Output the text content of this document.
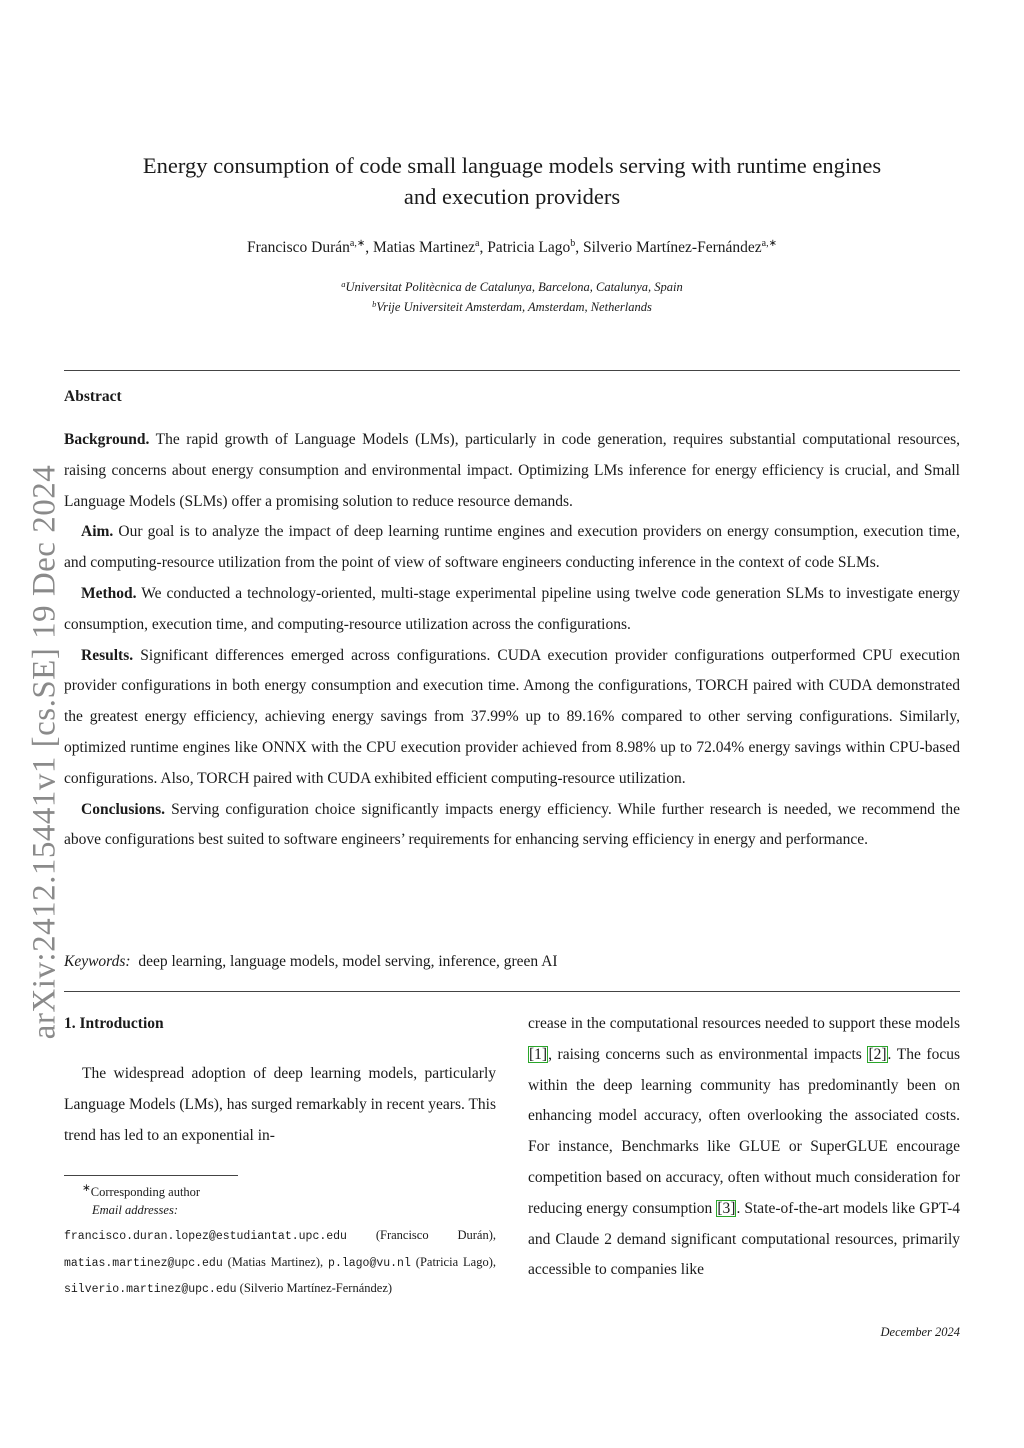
arXiv:2412.15441v1 [cs.SE] 19 Dec 2024
Energy consumption of code small language models serving with runtime engines
and execution providers
Francisco Durán$^{a,∗}$, Matias Martinez$^a$, Patricia Lago$^b$, Silverio Martínez-Fernández$^{a,∗}$
$^a$Universitat Politècnica de Catalunya, Barcelona, Catalunya, Spain
$^b$Vrije Universiteit Amsterdam, Amsterdam, Netherlands
Abstract

Background. The rapid growth of Language Models (LMs), particularly in code generation, requires substantial computational resources, raising concerns about energy consumption and environmental impact. Optimizing LMs inference for energy efficiency is crucial, and Small Language Models (SLMs) offer a promising solution to reduce resource demands.

Aim. Our goal is to analyze the impact of deep learning runtime engines and execution providers on energy consumption, execution time, and computing-resource utilization from the point of view of software engineers conducting inference in the context of code SLMs.

Method. We conducted a technology-oriented, multi-stage experimental pipeline using twelve code generation SLMs to investigate energy consumption, execution time, and computing-resource utilization across the configurations.

Results. Significant differences emerged across configurations. CUDA execution provider configurations outperformed CPU execution provider configurations in both energy consumption and execution time. Among the configurations, TORCH paired with CUDA demonstrated the greatest energy efficiency, achieving energy savings from 37.99% up to 89.16% compared to other serving configurations. Similarly, optimized runtime engines like ONNX with the CPU execution provider achieved from 8.98% up to 72.04% energy savings within CPU-based configurations. Also, TORCH paired with CUDA exhibited efficient computing-resource utilization.

Conclusions. Serving configuration choice significantly impacts energy efficiency. While further research is needed, we recommend the above configurations best suited to software engineers’ requirements for enhancing serving efficiency in energy and performance.

Keywords: deep learning, language models, model serving, inference, green AI

1. Introduction

The widespread adoption of deep learning models, particularly Language Models (LMs), has surged remarkably in recent years. This trend has led to an exponential in-

∗Corresponding author
Email addresses:
francisco.duran.lopez@estudiantat.upc.edu (Francisco Durán), matias.martinez@upc.edu (Matias Martinez), p.lago@vu.nl (Patricia Lago), silverio.martinez@upc.edu (Silverio Martínez-Fernández)

crease in the computational resources needed to support these models [1], raising concerns such as environmental impacts [2]. The focus within the deep learning community has predominantly been on enhancing model accuracy, often overlooking the associated costs. For instance, Benchmarks like GLUE or SuperGLUE encourage competition based on accuracy, often without much consideration for reducing energy consumption [3]. State-of-the-art models like GPT-4 and Claude 2 demand significant computational resources, primarily accessible to companies like

December 2024
